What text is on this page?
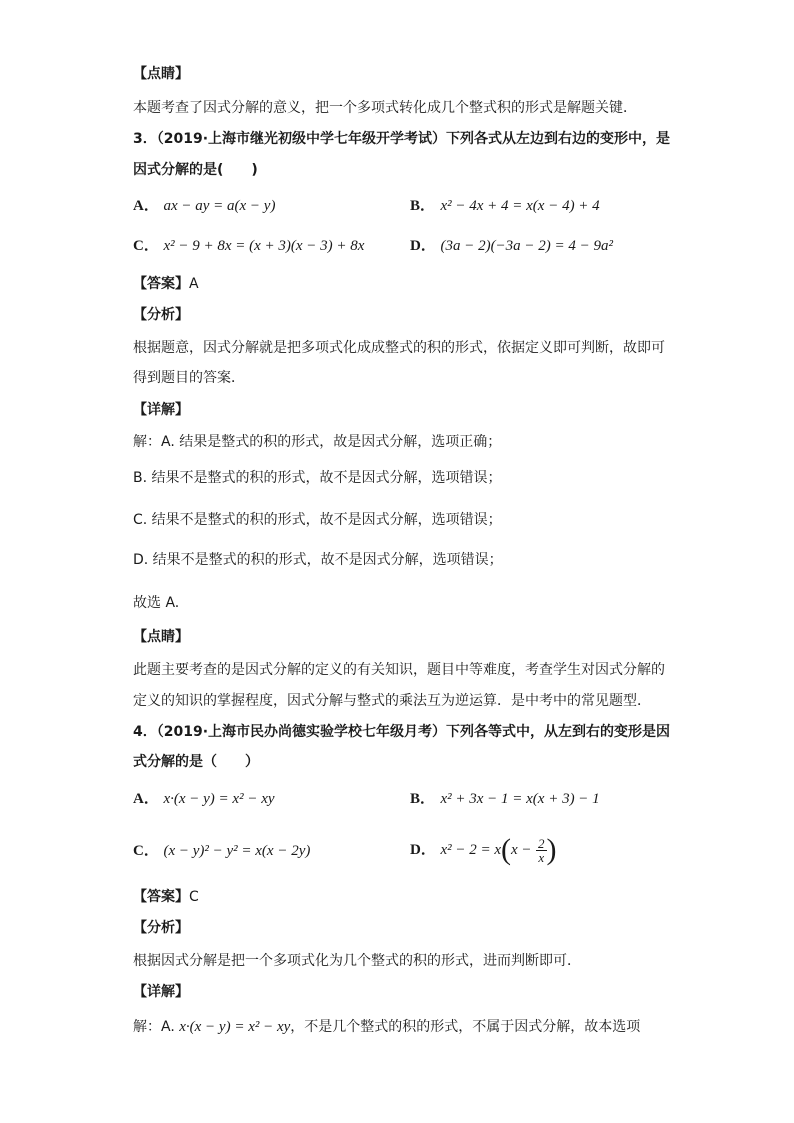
【点睛】
本题考查了因式分解的意义，把一个多项式转化成几个整式积的形式是解题关键．
3．（2019·上海市继光初级中学七年级开学考试）下列各式从左边到右边的变形中，是
因式分解的是(　　)
A． ax − ay = a(x − y)	B． x² − 4x + 4 = x(x − 4) + 4
C． x² − 9 + 8x = (x + 3)(x − 3) + 8x	D． (3a − 2)(−3a − 2) = 4 − 9a²
【答案】A
【分析】
根据题意，因式分解就是把多项式化成成整式的积的形式，依据定义即可判断，故即可
得到题目的答案．
【详解】
解：A. 结果是整式的积的形式，故是因式分解，选项正确；
B. 结果不是整式的积的形式，故不是因式分解，选项错误；
C. 结果不是整式的积的形式，故不是因式分解，选项错误；
D. 结果不是整式的积的形式，故不是因式分解，选项错误；
故选 A.
【点睛】
此题主要考查的是因式分解的定义的有关知识，题目中等难度，考查学生对因式分解的
定义的知识的掌握程度，因式分解与整式的乘法互为逆运算．是中考中的常见题型．
4．（2019·上海市民办尚德实验学校七年级月考）下列各等式中，从左到右的变形是因
式分解的是（　　）
A． x·(x − y) = x² − xy	B． x² + 3x − 1 = x(x + 3) − 1
C． (x − y)² − y² = x(x − 2y)	D． $x^2 - 2 = x(x - \frac{2}{x}$ )
【答案】C
【分析】
根据因式分解是把一个多项式化为几个整式的积的形式，进而判断即可．
【详解】
解：A. x·(x − y) = x² − xy，不是几个整式的积的形式，不属于因式分解，故本选项
